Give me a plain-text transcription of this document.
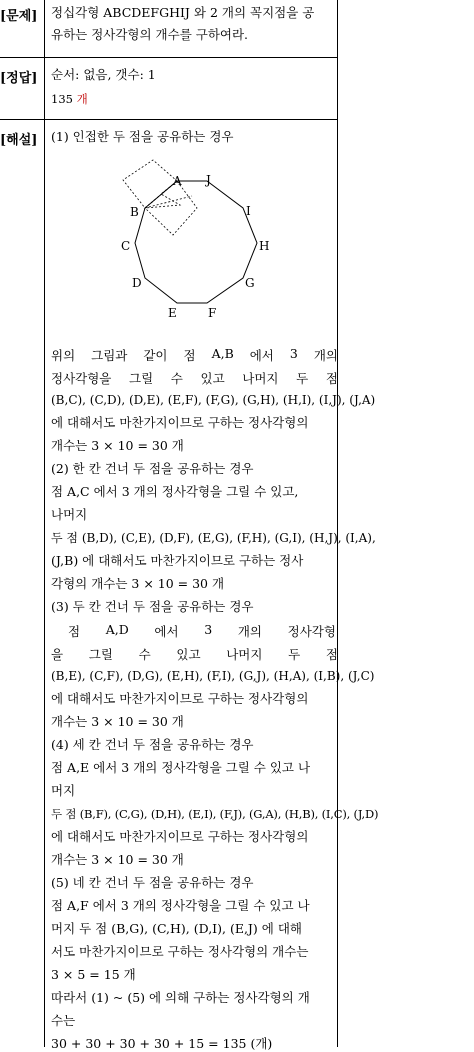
[문제]
[정답]
[해설]
정십각형 ABCDEFGHIJ 와 2 개의 꼭지점을 공
유하는 정사각형의 개수를 구하여라.
순서: 없음, 갯수: 1
135 개
(1) 인접한 두 점을 공유하는 경우
A J
I
H
G
F
E
D
C
B
위의 그림과 같이 점 A,B 에서 3 개의
정사각형을 그릴 수 있고 나머지 두 점
(B,C), (C,D), (D,E), (E,F), (F,G), (G,H), (H,I), (I,J), (J,A)
에 대해서도 마찬가지이므로 구하는 정사각형의
개수는 3 × 10 = 30 개
(2) 한 칸 건너 두 점을 공유하는 경우
점 A,C 에서 3 개의 정사각형을 그릴 수 있고,
나머지
두 점 (B,D), (C,E), (D,F), (E,G), (F,H), (G,I), (H,J), (I,A),
(J,B) 에 대해서도 마찬가지이므로 구하는 정사
각형의 개수는 3 × 10 = 30 개
(3) 두 칸 건너 두 점을 공유하는 경우
점 A,D 에서 3 개의 정사각형
을 그릴 수 있고 나머지 두 점
(B,E), (C,F), (D,G), (E,H), (F,I), (G,J), (H,A), (I,B), (J,C)
에 대해서도 마찬가지이므로 구하는 정사각형의
개수는 3 × 10 = 30 개
(4) 세 칸 건너 두 점을 공유하는 경우
점 A,E 에서 3 개의 정사각형을 그릴 수 있고 나
머지
두 점 (B,F), (C,G), (D,H), (E,I), (F,J), (G,A), (H,B), (I,C), (J,D)
에 대해서도 마찬가지이므로 구하는 정사각형의
개수는 3 × 10 = 30 개
(5) 네 칸 건너 두 점을 공유하는 경우
점 A,F 에서 3 개의 정사각형을 그릴 수 있고 나
머지 두 점 (B,G), (C,H), (D,I), (E,J) 에 대해
서도 마찬가지이므로 구하는 정사각형의 개수는
3 × 5 = 15 개
따라서 (1) ~ (5) 에 의해 구하는 정사각형의 개
수는
30 + 30 + 30 + 30 + 15 = 135 (개)
